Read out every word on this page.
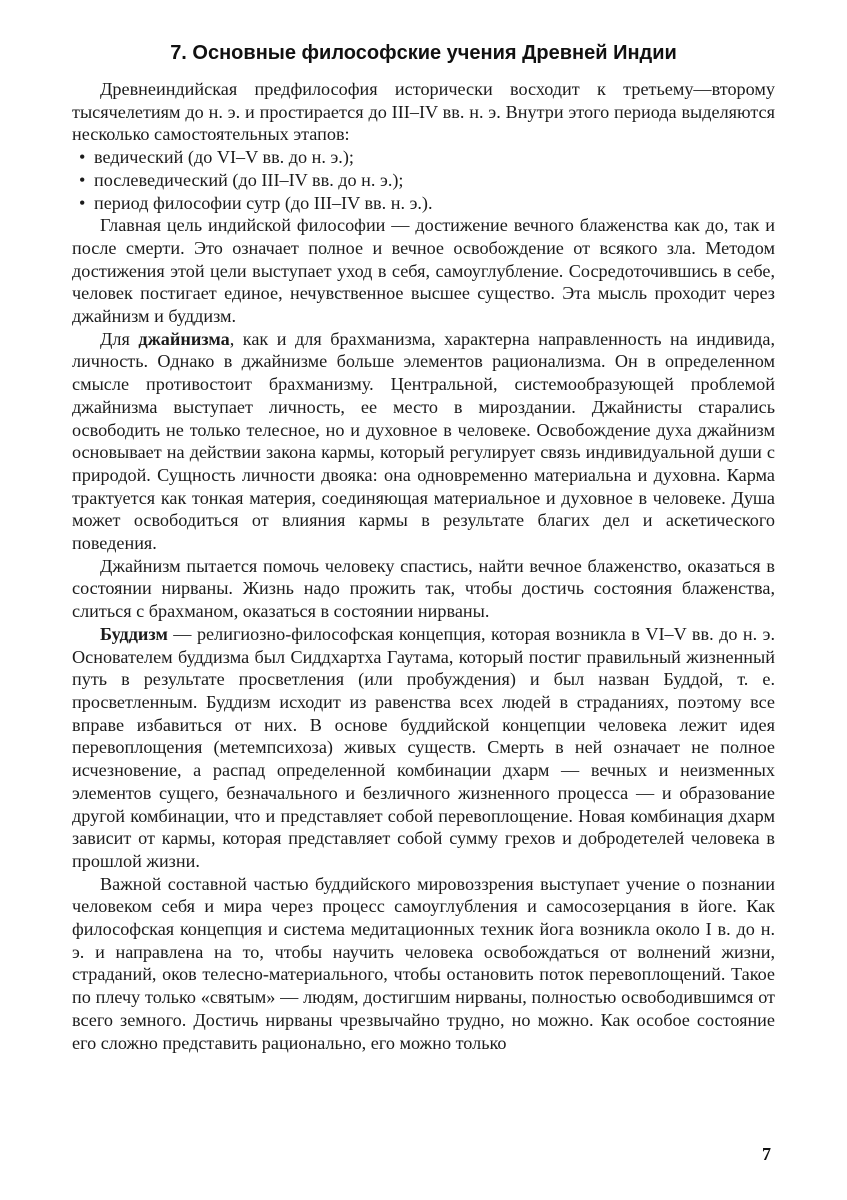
7. Основные философские учения Древней Индии

Древнеиндийская предфилософия исторически восходит к третьему—второму тысячелетиям до н. э. и простирается до III–IV вв. н. э. Внутри этого периода выделяются несколько самостоятельных этапов:

• ведический (до VI–V вв. до н. э.);
• послеведический (до III–IV вв. до н. э.);
• период философии сутр (до III–IV вв. н. э.).

Главная цель индийской философии — достижение вечного блаженства как до, так и после смерти. Это означает полное и вечное освобождение от всякого зла. Методом достижения этой цели выступает уход в себя, самоуглубление. Сосредоточившись в себе, человек постигает единое, нечувственное высшее существо. Эта мысль проходит через джайнизм и буддизм.

Для джайнизма, как и для брахманизма, характерна направленность на индивида, личность. Однако в джайнизме больше элементов рационализма. Он в определенном смысле противостоит брахманизму. Центральной, системообразующей проблемой джайнизма выступает личность, ее место в мироздании. Джайнисты старались освободить не только телесное, но и духовное в человеке. Освобождение духа джайнизм основывает на действии закона кармы, который регулирует связь индивидуальной души с природой. Сущность личности двояка: она одновременно материальна и духовна. Карма трактуется как тонкая материя, соединяющая материальное и духовное в человеке. Душа может освободиться от влияния кармы в результате благих дел и аскетического поведения.

Джайнизм пытается помочь человеку спастись, найти вечное блаженство, оказаться в состоянии нирваны. Жизнь надо прожить так, чтобы достичь состояния блаженства, слиться с брахманом, оказаться в состоянии нирваны.

Буддизм — религиозно-философская концепция, которая возникла в VI–V вв. до н. э. Основателем буддизма был Сиддхартха Гаутама, который постиг правильный жизненный путь в результате просветления (или пробуждения) и был назван Буддой, т. е. просветленным. Буддизм исходит из равенства всех людей в страданиях, поэтому все вправе избавиться от них. В основе буддийской концепции человека лежит идея перевоплощения (метемпсихоза) живых существ. Смерть в ней означает не полное исчезновение, а распад определенной комбинации дхарм — вечных и неизменных элементов сущего, безначального и безличного жизненного процесса — и образование другой комбинации, что и представляет собой перевоплощение. Новая комбинация дхарм зависит от кармы, которая представляет собой сумму грехов и добродетелей человека в прошлой жизни.

Важной составной частью буддийского мировоззрения выступает учение о познании человеком себя и мира через процесс самоуглубления и самосозерцания в йоге. Как философская концепция и система медитационных техник йога возникла около I в. до н. э. и направлена на то, чтобы научить человека освобождаться от волнений жизни, страданий, оков телесно-материального, чтобы остановить поток перевоплощений. Такое по плечу только «святым» — людям, достигшим нирваны, полностью освободившимся от всего земного. Достичь нирваны чрезвычайно трудно, но можно. Как особое состояние его сложно представить рационально, его можно только

7
